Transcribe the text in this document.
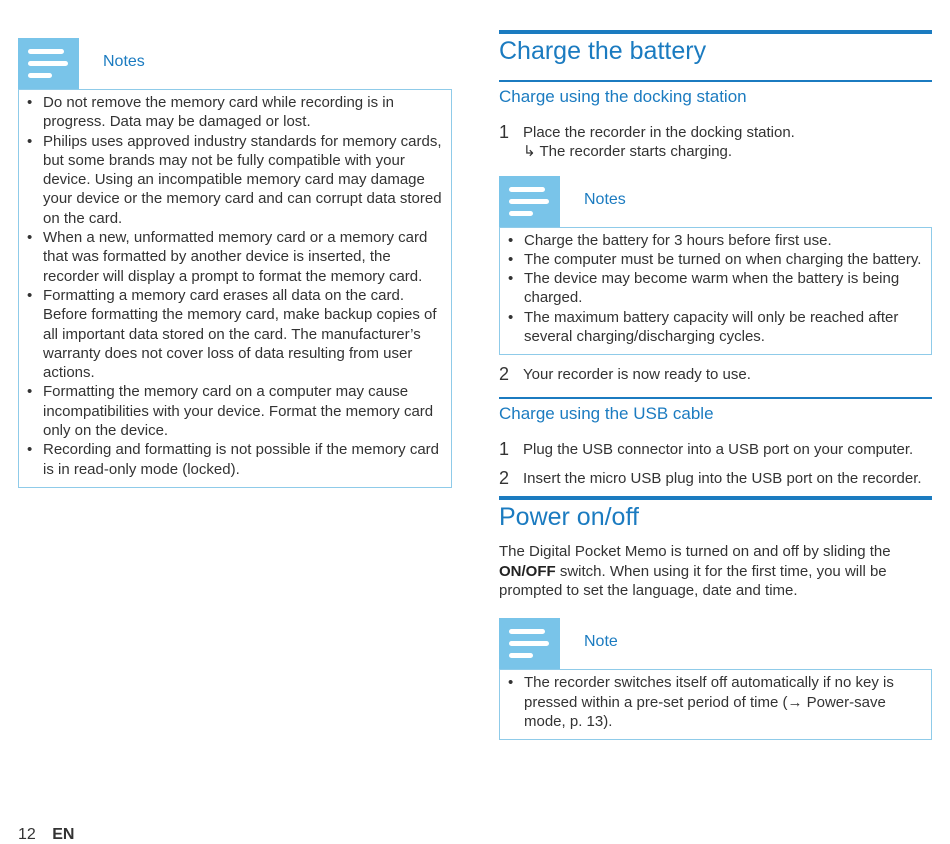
Notes
• Do not remove the memory card while recording is in progress. Data may be damaged or lost.
• Philips uses approved industry standards for memory cards, but some brands may not be fully compatible with your device. Using an incompatible memory card may damage your device or the memory card and can corrupt data stored on the card.
• When a new, unformatted memory card or a memory card that was formatted by another device is inserted, the recorder will display a prompt to format the memory card.
• Formatting a memory card erases all data on the card. Before formatting the memory card, make backup copies of all important data stored on the card. The manufacturer’s warranty does not cover loss of data resulting from user actions.
• Formatting the memory card on a computer may cause incompatibilities with your device. Format the memory card only on the device.
• Recording and formatting is not possible if the memory card is in read-only mode (locked).
Charge the battery
Charge using the docking station
1 Place the recorder in the docking station.
↳ The recorder starts charging.
Notes
• Charge the battery for 3 hours before first use.
• The computer must be turned on when charging the battery.
• The device may become warm when the battery is being charged.
• The maximum battery capacity will only be reached after several charging/discharging cycles.
2 Your recorder is now ready to use.
Charge using the USB cable
1 Plug the USB connector into a USB port on your computer.
2 Insert the micro USB plug into the USB port on the recorder.
Power on/off

The Digital Pocket Memo is turned on and off by sliding the ON/OFF switch. When using it for the first time, you will be prompted to set the language, date and time.

Note
• The recorder switches itself off automatically if no key is pressed within a pre-set period of time (→ Power-save mode, p. 13).
12 EN
